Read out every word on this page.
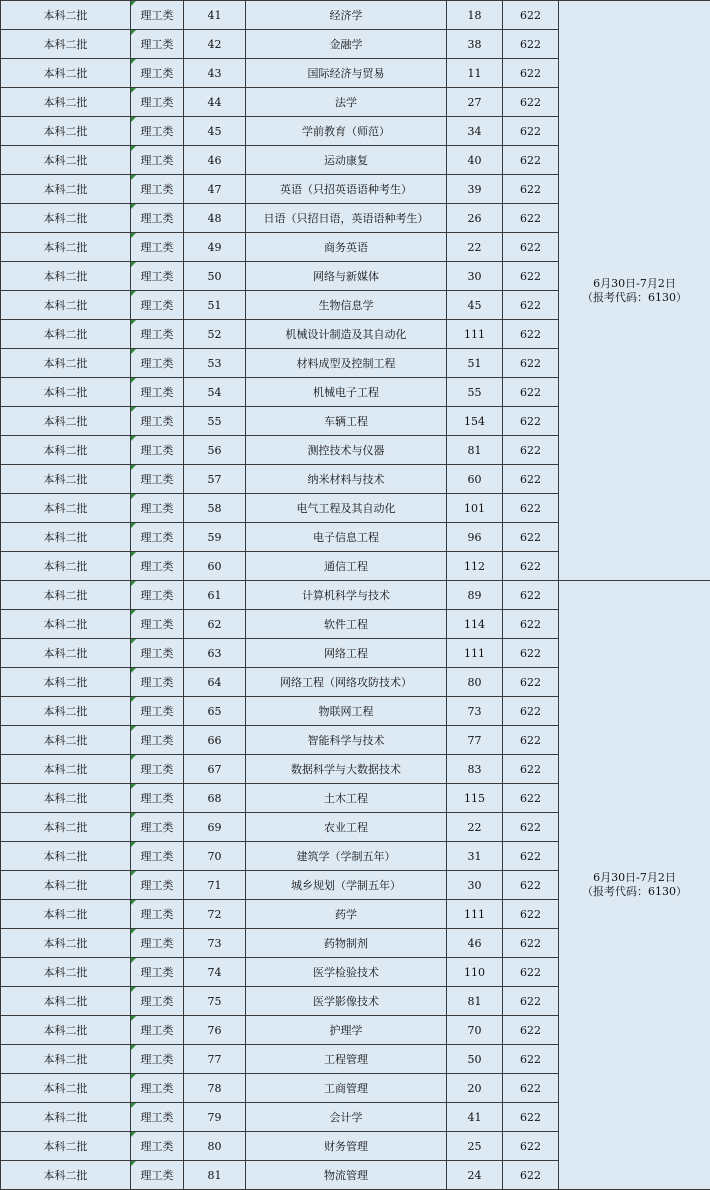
本科二批	理工类	41	经济学	18	622	6月30日-7月2日
（报考代码：6130）

本科二批	理工类	42	金融学	38	622	
本科二批	理工类	43	国际经济与贸易	11	622	
本科二批	理工类	44	法学	27	622	
本科二批	理工类	45	学前教育（师范）	34	622	
本科二批	理工类	46	运动康复	40	622	
本科二批	理工类	47	英语（只招英语语种考生）	39	622	
本科二批	理工类	48	日语（只招日语，英语语种考生）	26	622	
本科二批	理工类	49	商务英语	22	622	
本科二批	理工类	50	网络与新媒体	30	622	
本科二批	理工类	51	生物信息学	45	622	
本科二批	理工类	52	机械设计制造及其自动化	111	622	
本科二批	理工类	53	材料成型及控制工程	51	622	
本科二批	理工类	54	机械电子工程	55	622	
本科二批	理工类	55	车辆工程	154	622	
本科二批	理工类	56	测控技术与仪器	81	622	
本科二批	理工类	57	纳米材料与技术	60	622	
本科二批	理工类	58	电气工程及其自动化	101	622	
本科二批	理工类	59	电子信息工程	96	622	
本科二批	理工类	60	通信工程	112	622	
本科二批	理工类	61	计算机科学与技术	89	622	6月30日-7月2日
（报考代码：6130）

本科二批	理工类	62	软件工程	114	622	
本科二批	理工类	63	网络工程	111	622	
本科二批	理工类	64	网络工程（网络攻防技术）	80	622	
本科二批	理工类	65	物联网工程	73	622	
本科二批	理工类	66	智能科学与技术	77	622	
本科二批	理工类	67	数据科学与大数据技术	83	622	
本科二批	理工类	68	土木工程	115	622	
本科二批	理工类	69	农业工程	22	622	
本科二批	理工类	70	建筑学（学制五年）	31	622	
本科二批	理工类	71	城乡规划（学制五年）	30	622	
本科二批	理工类	72	药学	111	622	
本科二批	理工类	73	药物制剂	46	622	
本科二批	理工类	74	医学检验技术	110	622	
本科二批	理工类	75	医学影像技术	81	622	
本科二批	理工类	76	护理学	70	622	
本科二批	理工类	77	工程管理	50	622	
本科二批	理工类	78	工商管理	20	622	
本科二批	理工类	79	会计学	41	622	
本科二批	理工类	80	财务管理	25	622	
本科二批	理工类	81	物流管理	24	622	
